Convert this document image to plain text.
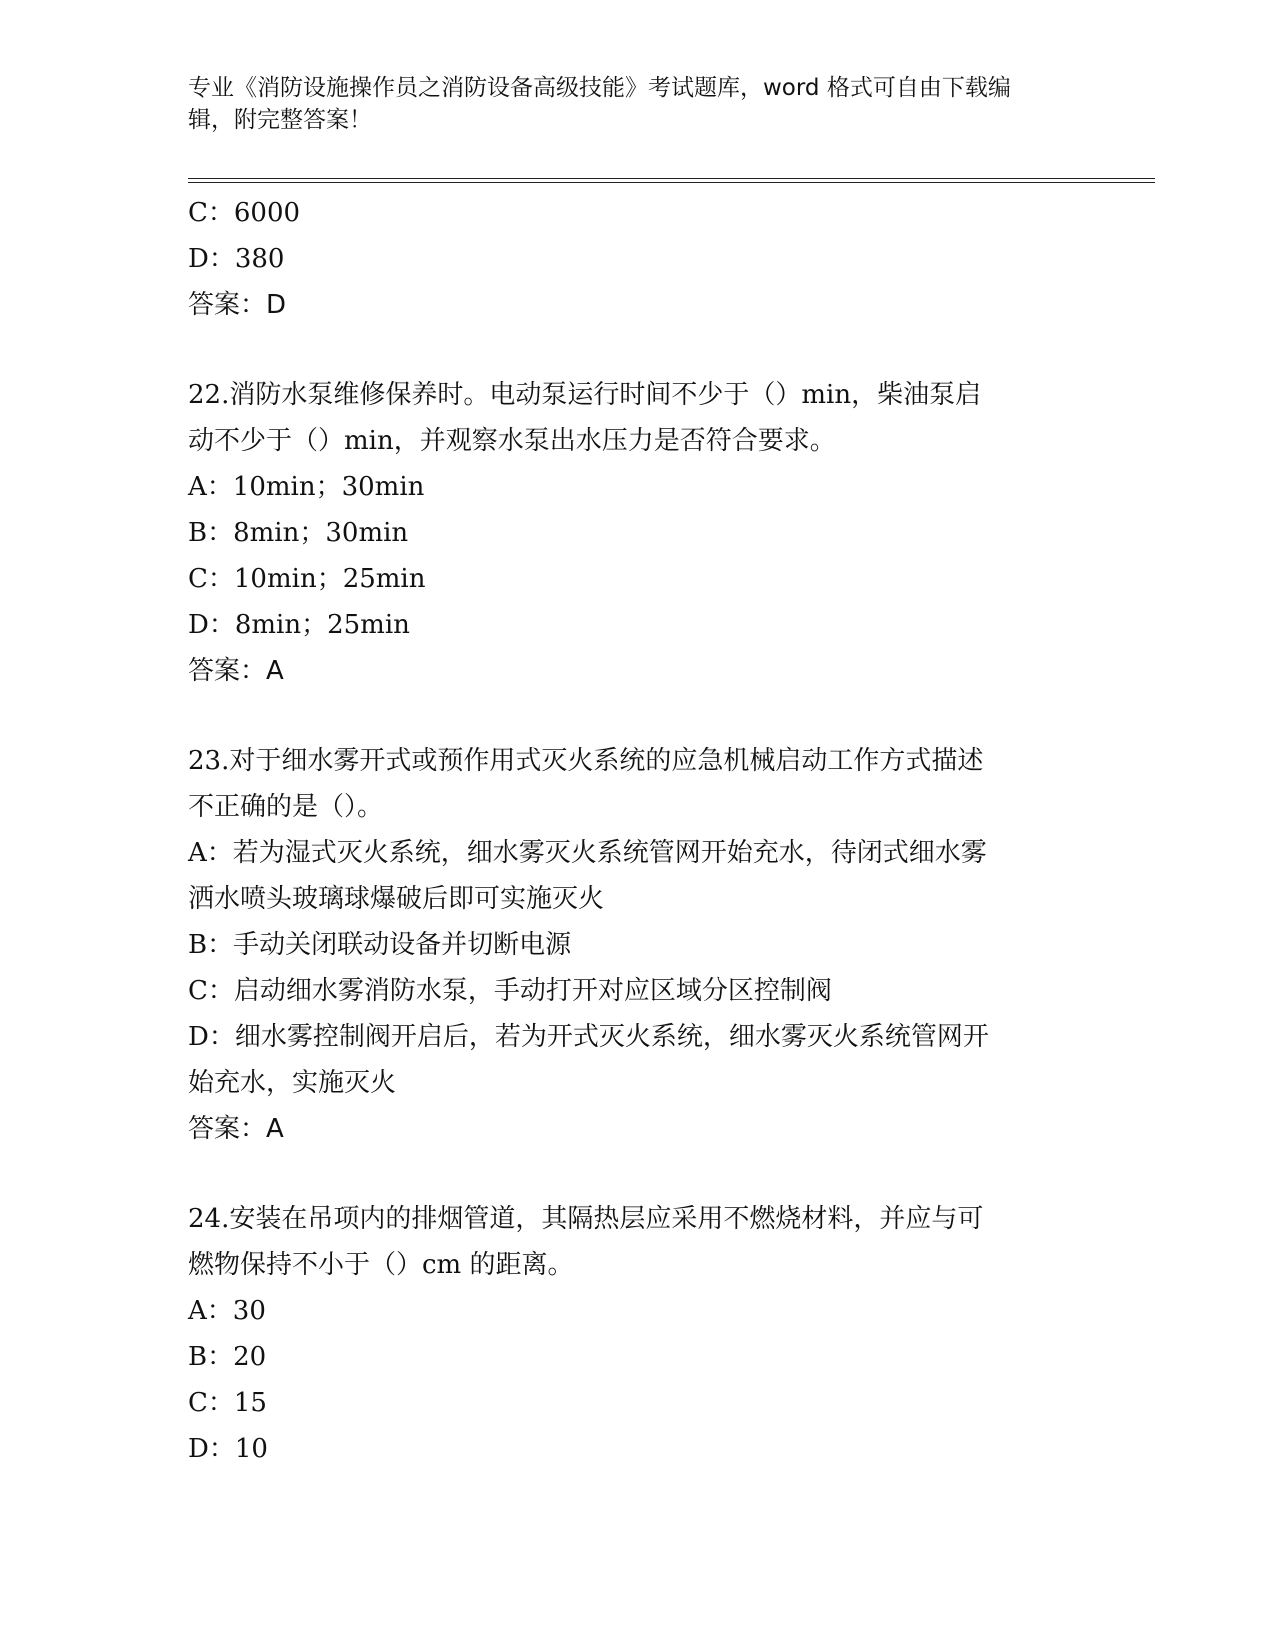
专业《消防设施操作员之消防设备高级技能》考试题库，word 格式可自由下载编
辑，附完整答案！
C：6000
D：380
答案：D
22.消防水泵维修保养时。电动泵运行时间不少于（）min，柴油泵启
动不少于（）min，并观察水泵出水压力是否符合要求。
A：10min；30min
B：8min；30min
C：10min；25min
D：8min；25min
答案：A
23.对于细水雾开式或预作用式灭火系统的应急机械启动工作方式描述
不正确的是（）。
A：若为湿式灭火系统，细水雾灭火系统管网开始充水，待闭式细水雾
洒水喷头玻璃球爆破后即可实施灭火
B：手动关闭联动设备并切断电源
C：启动细水雾消防水泵，手动打开对应区域分区控制阀
D：细水雾控制阀开启后，若为开式灭火系统，细水雾灭火系统管网开
始充水，实施灭火
答案：A
24.安装在吊项内的排烟管道，其隔热层应采用不燃烧材料，并应与可
燃物保持不小于（）cm 的距离。
A：30
B：20
C：15
D：10
